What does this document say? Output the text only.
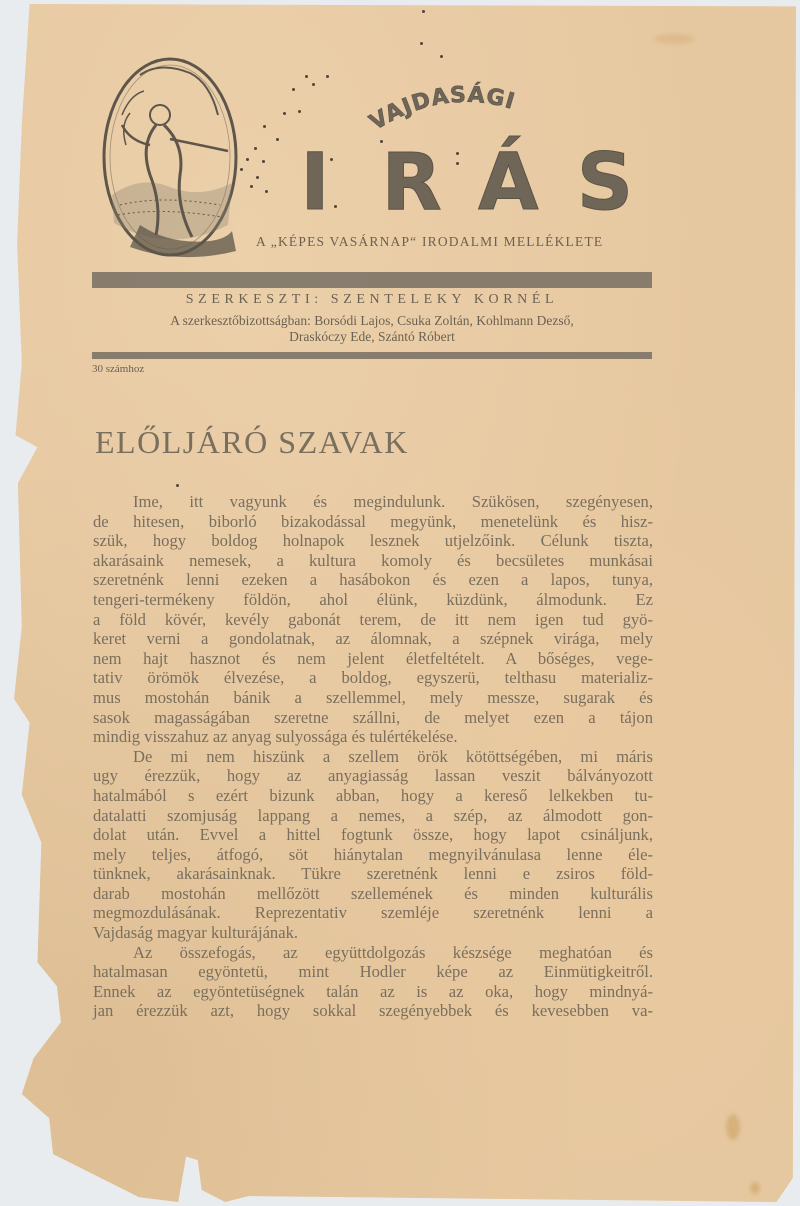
VAJDASÁGI
I R Á S
A „KÉPES VASÁRNAP“ IRODALMI MELLÉKLETE
SZERKESZTI: SZENTELEKY KORNÉL
A szerkesztőbizottságban: Borsódi Lajos, Csuka Zoltán, Kohlmann Dezső,
Draskóczy Ede, Szántó Róbert
30 számhoz
ELŐLJÁRÓ SZAVAK
Ime, itt vagyunk és megindulunk. Szükösen, szegényesen,
de hitesen, biborló bizakodással megyünk, menetelünk és hisz-
szük, hogy boldog holnapok lesznek utjelzőink. Célunk tiszta,
akarásaink nemesek, a kultura komoly és becsületes munkásai
szeretnénk lenni ezeken a hasábokon és ezen a lapos, tunya,
tengeri-termékeny földön, ahol élünk, küzdünk, álmodunk. Ez
a föld kövér, kevély gabonát terem, de itt nem igen tud gyö-
keret verni a gondolatnak, az álomnak, a szépnek virága, mely
nem hajt hasznot és nem jelent életfeltételt. A bőséges, vege-
tativ örömök élvezése, a boldog, egyszerü, telthasu materializ-
mus mostohán bánik a szellemmel, mely messze, sugarak és
sasok magasságában szeretne szállni, de melyet ezen a tájon
mindig visszahuz az anyag sulyossága és tulértékelése.
De mi nem hiszünk a szellem örök kötöttségében, mi máris
ugy érezzük, hogy az anyagiasság lassan veszit bálványozott
hatalmából s ezért bizunk abban, hogy a kereső lelkekben tu-
datalatti szomjuság lappang a nemes, a szép, az álmodott gon-
dolat után. Evvel a hittel fogtunk össze, hogy lapot csináljunk,
mely teljes, átfogó, söt hiánytalan megnyilvánulasa lenne éle-
tünknek, akarásainknak. Tükre szeretnénk lenni e zsiros föld-
darab mostohán mellőzött szellemének és minden kulturális
megmozdulásának. Reprezentativ szemléje szeretnénk lenni a
Vajdaság magyar kulturájának.
Az összefogás, az együttdolgozás készsége meghatóan és
hatalmasan egyöntetü, mint Hodler képe az Einmütigkeitről.
Ennek az egyöntetüségnek talán az is az oka, hogy mindnyá-
jan érezzük azt, hogy sokkal szegényebbek és kevesebben va-
